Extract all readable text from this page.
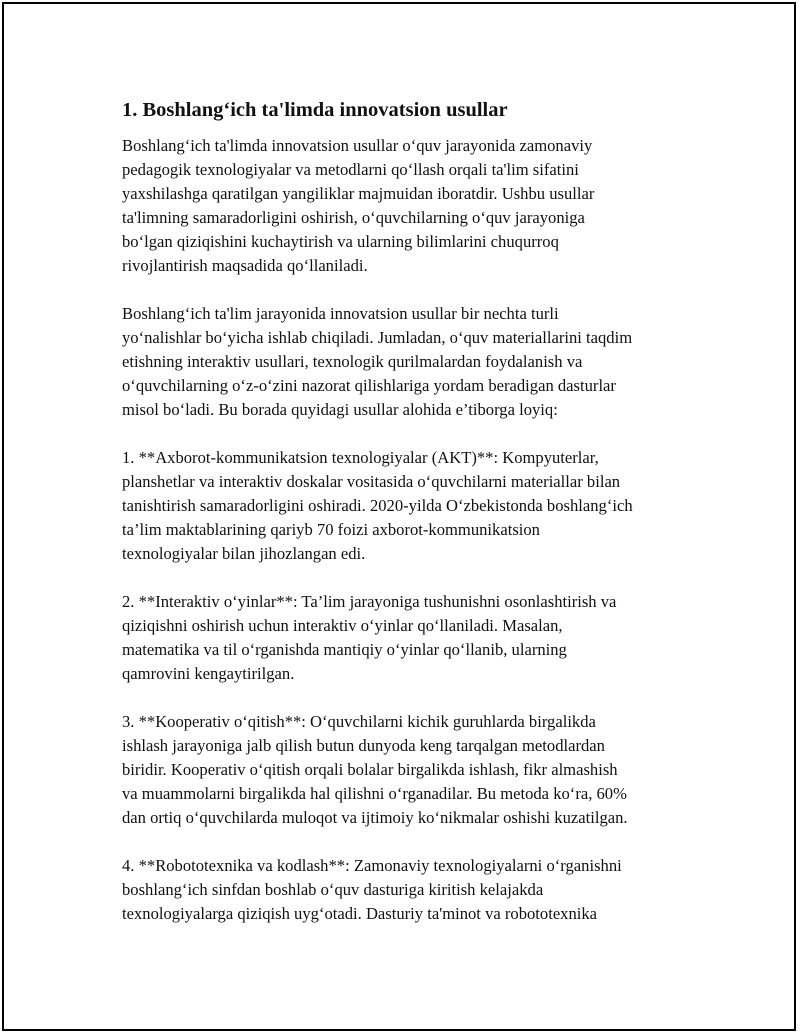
1. Boshlang‘ich ta'limda innovatsion usullar

Boshlang‘ich ta'limda innovatsion usullar o‘quv jarayonida zamonaviy
pedagogik texnologiyalar va metodlarni qo‘llash orqali ta'lim sifatini
yaxshilashga qaratilgan yangiliklar majmuidan iboratdir. Ushbu usullar
ta'limning samaradorligini oshirish, o‘quvchilarning o‘quv jarayoniga
bo‘lgan qiziqishini kuchaytirish va ularning bilimlarini chuqurroq
rivojlantirish maqsadida qo‘llaniladi.

Boshlang‘ich ta'lim jarayonida innovatsion usullar bir nechta turli
yo‘nalishlar bo‘yicha ishlab chiqiladi. Jumladan, o‘quv materiallarini taqdim
etishning interaktiv usullari, texnologik qurilmalardan foydalanish va
o‘quvchilarning o‘z-o‘zini nazorat qilishlariga yordam beradigan dasturlar
misol bo‘ladi. Bu borada quyidagi usullar alohida e’tiborga loyiq:

1. **Axborot-kommunikatsion texnologiyalar (AKT)**: Kompyuterlar,
planshetlar va interaktiv doskalar vositasida o‘quvchilarni materiallar bilan
tanishtirish samaradorligini oshiradi. 2020-yilda O‘zbekistonda boshlang‘ich
ta’lim maktablarining qariyb 70 foizi axborot-kommunikatsion
texnologiyalar bilan jihozlangan edi.

2. **Interaktiv o‘yinlar**: Ta’lim jarayoniga tushunishni osonlashtirish va
qiziqishni oshirish uchun interaktiv o‘yinlar qo‘llaniladi. Masalan,
matematika va til o‘rganishda mantiqiy o‘yinlar qo‘llanib, ularning
qamrovini kengaytirilgan.

3. **Kooperativ o‘qitish**: O‘quvchilarni kichik guruhlarda birgalikda
ishlash jarayoniga jalb qilish butun dunyoda keng tarqalgan metodlardan
biridir. Kooperativ o‘qitish orqali bolalar birgalikda ishlash, fikr almashish
va muammolarni birgalikda hal qilishni o‘rganadilar. Bu metoda ko‘ra, 60%
dan ortiq o‘quvchilarda muloqot va ijtimoiy ko‘nikmalar oshishi kuzatilgan.

4. **Robototexnika va kodlash**: Zamonaviy texnologiyalarni o‘rganishni
boshlang‘ich sinfdan boshlab o‘quv dasturiga kiritish kelajakda
texnologiyalarga qiziqish uyg‘otadi. Dasturiy ta'minot va robototexnika
